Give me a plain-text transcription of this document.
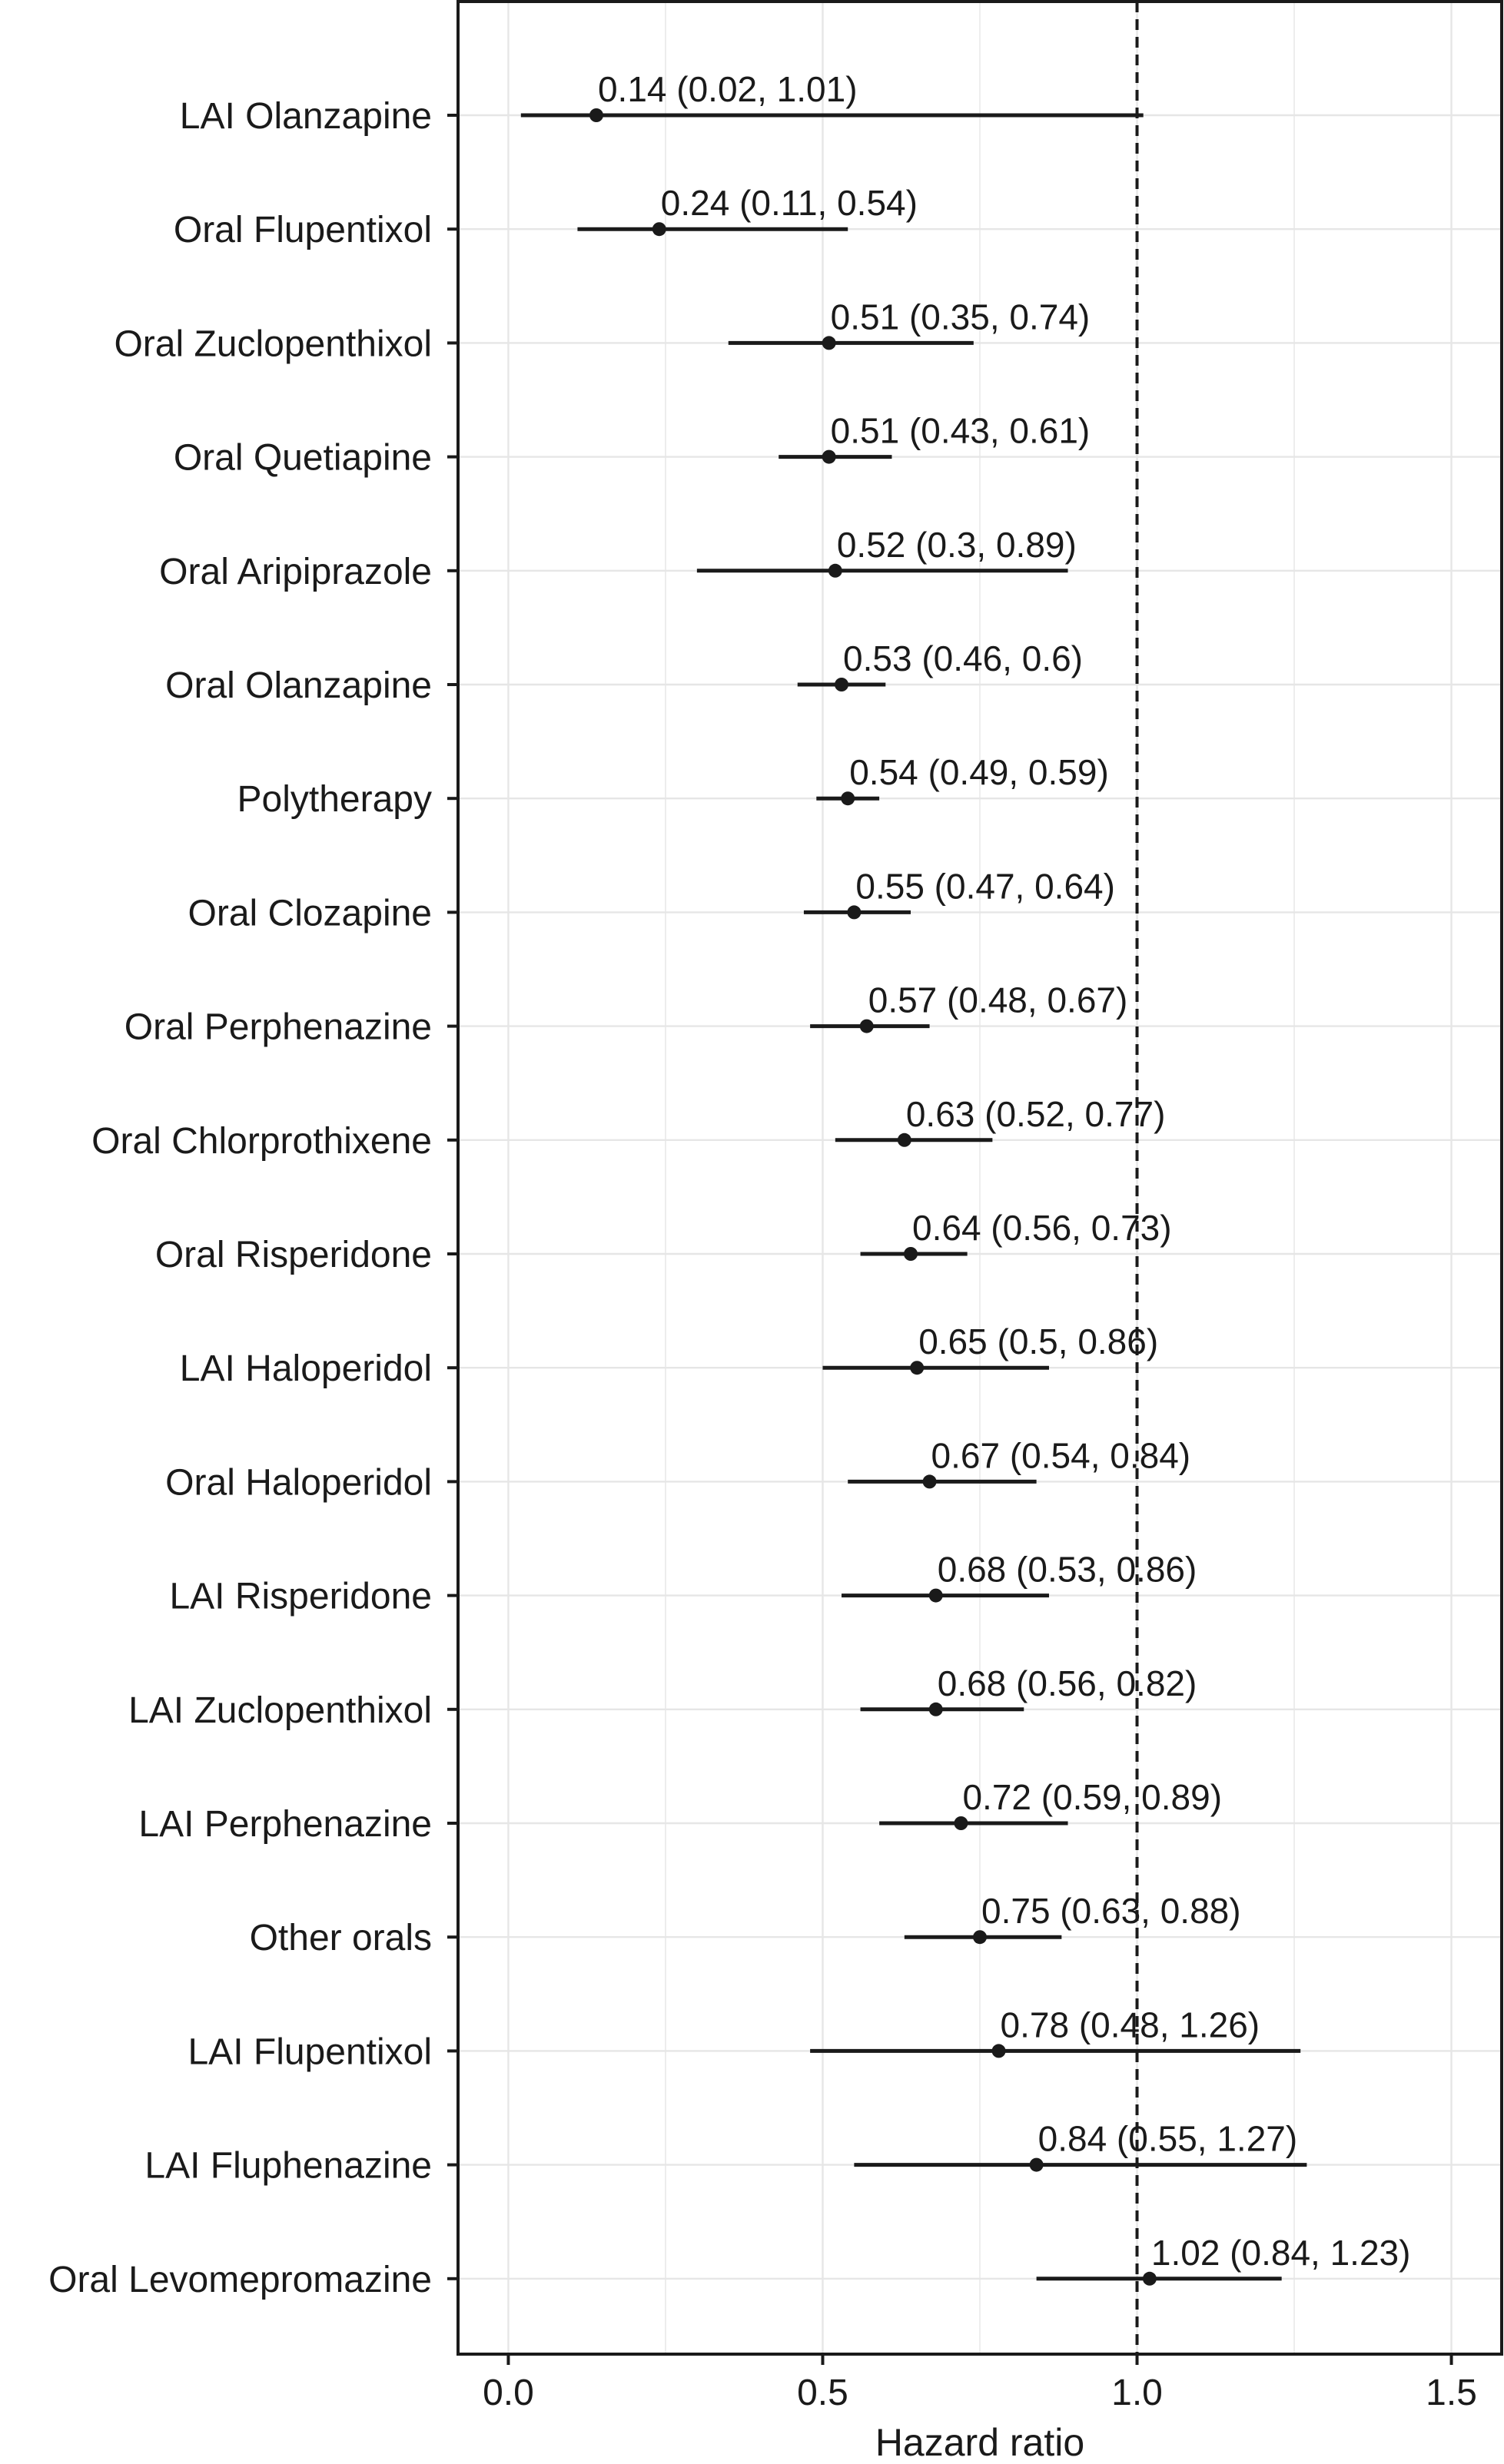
0.14 (0.02, 1.01)
0.24 (0.11, 0.54)
0.51 (0.35, 0.74)
0.51 (0.43, 0.61)
0.52 (0.3, 0.89)
0.53 (0.46, 0.6)
0.54 (0.49, 0.59)
0.55 (0.47, 0.64)
0.57 (0.48, 0.67)
0.63 (0.52, 0.77)
0.64 (0.56, 0.73)
0.65 (0.5, 0.86)
0.67 (0.54, 0.84)
0.68 (0.53, 0.86)
0.68 (0.56, 0.82)
0.72 (0.59, 0.89)
0.75 (0.63, 0.88)
0.78 (0.48, 1.26)
0.84 (0.55, 1.27)
1.02 (0.84, 1.23)
LAI Olanzapine
Oral Flupentixol
Oral Zuclopenthixol
Oral Quetiapine
Oral Aripiprazole
Oral Olanzapine
Polytherapy
Oral Clozapine
Oral Perphenazine
Oral Chlorprothixene
Oral Risperidone
LAI Haloperidol
Oral Haloperidol
LAI Risperidone
LAI Zuclopenthixol
LAI Perphenazine
Other orals
LAI Flupentixol
LAI Fluphenazine
Oral Levomepromazine
0.0	0.5	1.0	1.5
Hazard ratio
